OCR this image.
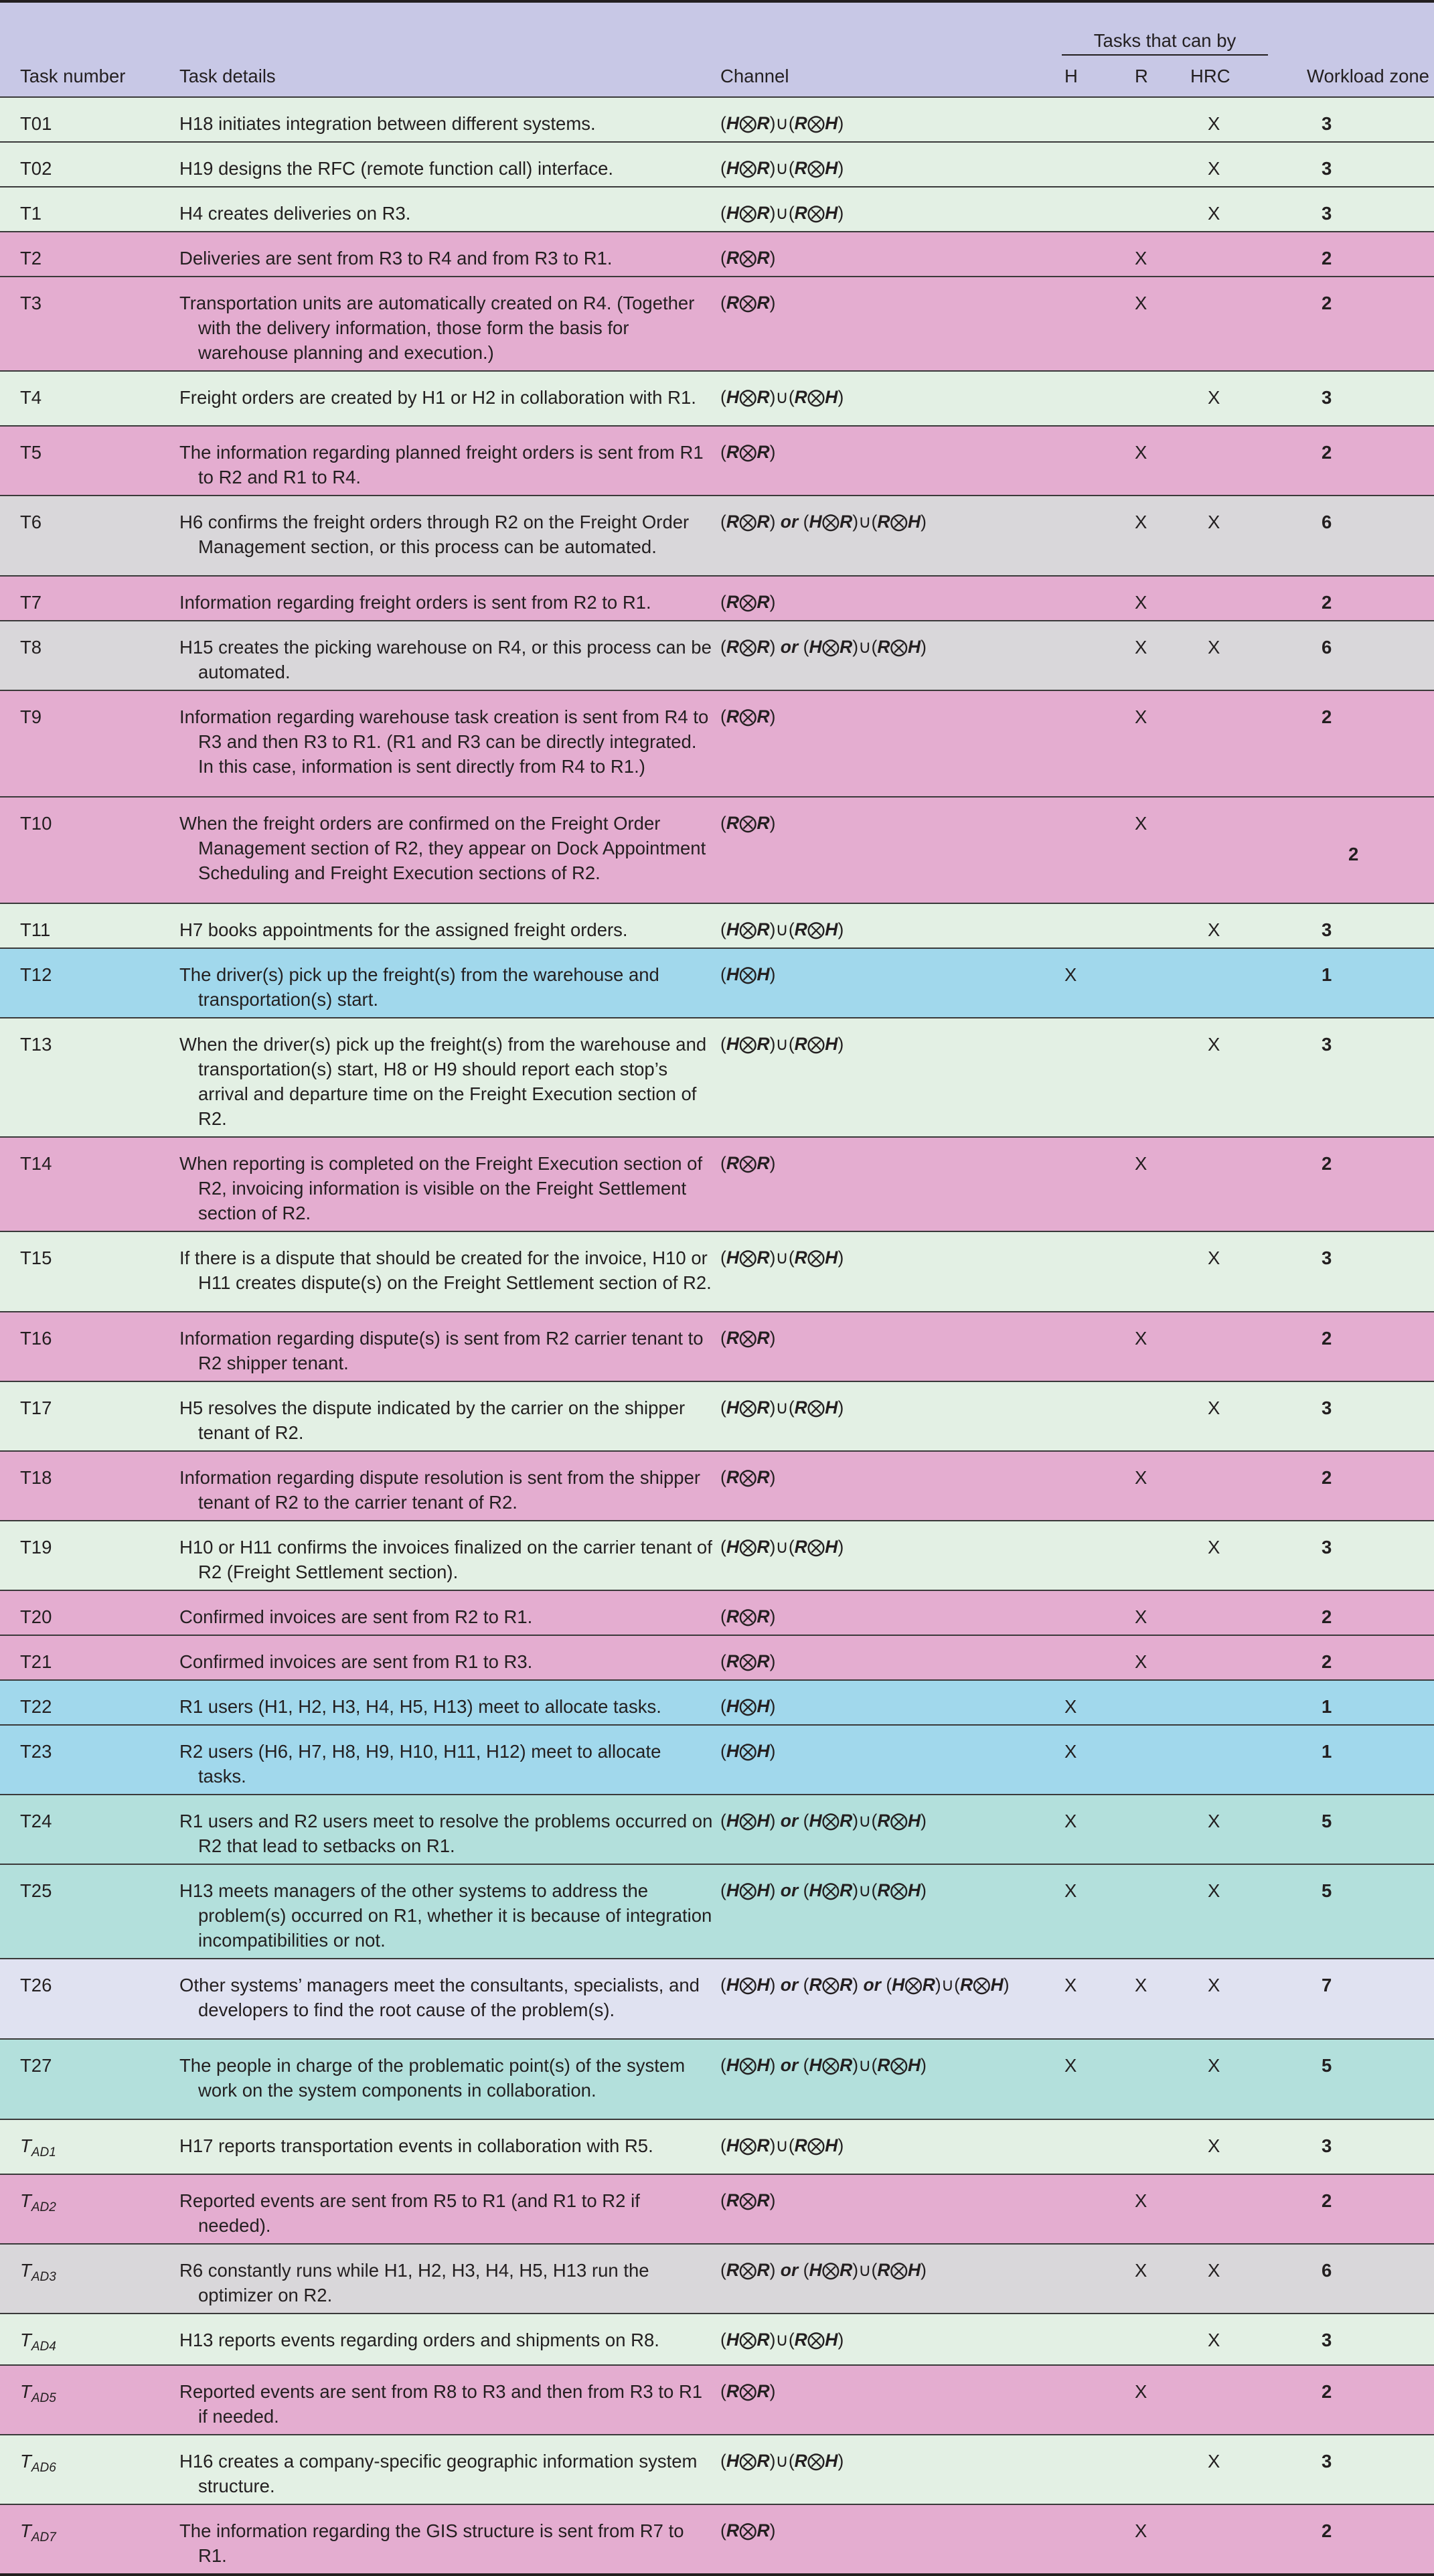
			Tasks that can by			
Task number	Task details	Channel	H	R	HRC	Workload zone
T01	H18 initiates integration between different systems.	(H⨂R)∪(R⨂H)			X	3
T02	H19 designs the RFC (remote function call) interface.	(H⨂R)∪(R⨂H)			X	3
T1	H4 creates deliveries on R3.	(H⨂R)∪(R⨂H)			X	3
T2	Deliveries are sent from R3 to R4 and from R3 to R1.	(R⨂R)		X		2
T3	Transportation units are automatically created on R4. (Together with the delivery information, those form the basis for warehouse planning and execution.)	(R⨂R)		X		2
T4	Freight orders are created by H1 or H2 in collaboration with R1.	(H⨂R)∪(R⨂H)			X	3
T5	The information regarding planned freight orders is sent from R1 to R2 and R1 to R4.	(R⨂R)		X		2
T6	H6 confirms the freight orders through R2 on the Freight Order Management section, or this process can be automated.	(R⨂R) or (H⨂R)∪(R⨂H)		X	X	6
T7	Information regarding freight orders is sent from R2 to R1.	(R⨂R)		X		2
T8	H15 creates the picking warehouse on R4, or this process can be automated.	(R⨂R) or (H⨂R)∪(R⨂H)		X	X	6
T9	Information regarding warehouse task creation is sent from R4 to R3 and then R3 to R1. (R1 and R3 can be directly integrated. In this case, information is sent directly from R4 to R1.)	(R⨂R)		X		2
T10	When the freight orders are confirmed on the Freight Order Management section of R2, they appear on Dock Appointment Scheduling and Freight Execution sections of R2.	(R⨂R)		X		2
T11	H7 books appointments for the assigned freight orders.	(H⨂R)∪(R⨂H)			X	3
T12	The driver(s) pick up the freight(s) from the warehouse and transportation(s) start.	(H⨂H)	X			1
T13	When the driver(s) pick up the freight(s) from the warehouse and transportation(s) start, H8 or H9 should report each stop’s arrival and departure time on the Freight Execution section of R2.	(H⨂R)∪(R⨂H)			X	3
T14	When reporting is completed on the Freight Execution section of R2, invoicing information is visible on the Freight Settlement section of R2.	(R⨂R)		X		2
T15	If there is a dispute that should be created for the invoice, H10 or H11 creates dispute(s) on the Freight Settlement section of R2.	(H⨂R)∪(R⨂H)			X	3
T16	Information regarding dispute(s) is sent from R2 carrier tenant to R2 shipper tenant.	(R⨂R)		X		2
T17	H5 resolves the dispute indicated by the carrier on the shipper tenant of R2.	(H⨂R)∪(R⨂H)			X	3
T18	Information regarding dispute resolution is sent from the shipper tenant of R2 to the carrier tenant of R2.	(R⨂R)		X		2
T19	H10 or H11 confirms the invoices finalized on the carrier tenant of R2 (Freight Settlement section).	(H⨂R)∪(R⨂H)			X	3
T20	Confirmed invoices are sent from R2 to R1.	(R⨂R)		X		2
T21	Confirmed invoices are sent from R1 to R3.	(R⨂R)		X		2
T22	R1 users (H1, H2, H3, H4, H5, H13) meet to allocate tasks.	(H⨂H)	X			1
T23	R2 users (H6, H7, H8, H9, H10, H11, H12) meet to allocate tasks.	(H⨂H)	X			1
T24	R1 users and R2 users meet to resolve the problems occurred on R2 that lead to setbacks on R1.	(H⨂H) or (H⨂R)∪(R⨂H)	X		X	5
T25	H13 meets managers of the other systems to address the problem(s) occurred on R1, whether it is because of integration incompatibilities or not.	(H⨂H) or (H⨂R)∪(R⨂H)	X		X	5
T26	Other systems’ managers meet the consultants, specialists, and developers to find the root cause of the problem(s).	(H⨂H) or (R⨂R) or (H⨂R)∪(R⨂H)	X	X	X	7
T27	The people in charge of the problematic point(s) of the system work on the system components in collaboration.	(H⨂H) or (H⨂R)∪(R⨂H)	X		X	5
$T_{AD1}$	H17 reports transportation events in collaboration with R5.	(H⨂R)∪(R⨂H)			X	3
$T_{AD2}$	Reported events are sent from R5 to R1 (and R1 to R2 if needed).	(R⨂R)		X		2
$T_{AD3}$	R6 constantly runs while H1, H2, H3, H4, H5, H13 run the optimizer on R2.	(R⨂R) or (H⨂R)∪(R⨂H)		X	X	6
$T_{AD4}$	H13 reports events regarding orders and shipments on R8.	(H⨂R)∪(R⨂H)			X	3
$T_{AD5}$	Reported events are sent from R8 to R3 and then from R3 to R1 if needed.	(R⨂R)		X		2
$T_{AD6}$	H16 creates a company-specific geographic information system structure.	(H⨂R)∪(R⨂H)			X	3
$T_{AD7}$	The information regarding the GIS structure is sent from R7 to R1.	(R⨂R)		X		2
